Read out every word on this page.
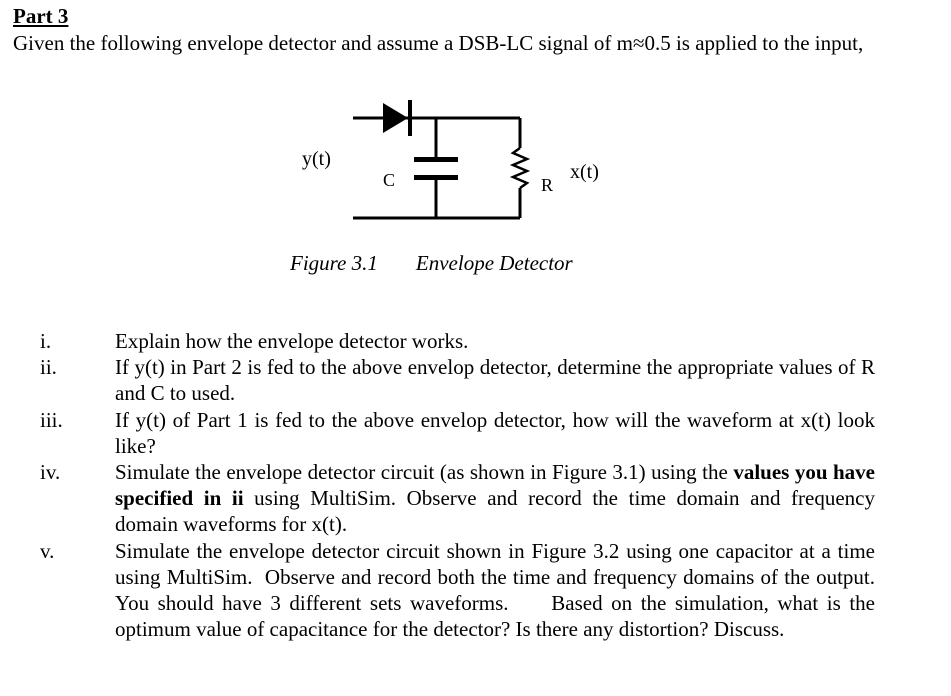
Part 3
Given the following envelope detector and assume a DSB-LC signal of m≈0.5 is applied to the input,
y(t)
C	R
x(t)
Figure 3.1 Envelope Detector
i.	Explain how the envelope detector works.
ii.	If y(t) in Part 2 is fed to the above envelop detector, determine the appropriate values of R and C to used.
iii. If y(t) of Part 1 is fed to the above envelop detector, how will the waveform at x(t) look like?
iv.	Simulate the envelope detector circuit (as shown in Figure 3.1) using the values you have specified in ii using MultiSim. Observe and record the time domain and frequency domain waveforms for x(t).
v.	Simulate the envelope detector circuit shown in Figure 3.2 using one capacitor at a time using MultiSim.  Observe and record both the time and frequency domains of the output.   You should have 3 different sets waveforms.     Based on the simulation, what is the optimum value of capacitance for the detector? Is there any distortion? Discuss.
